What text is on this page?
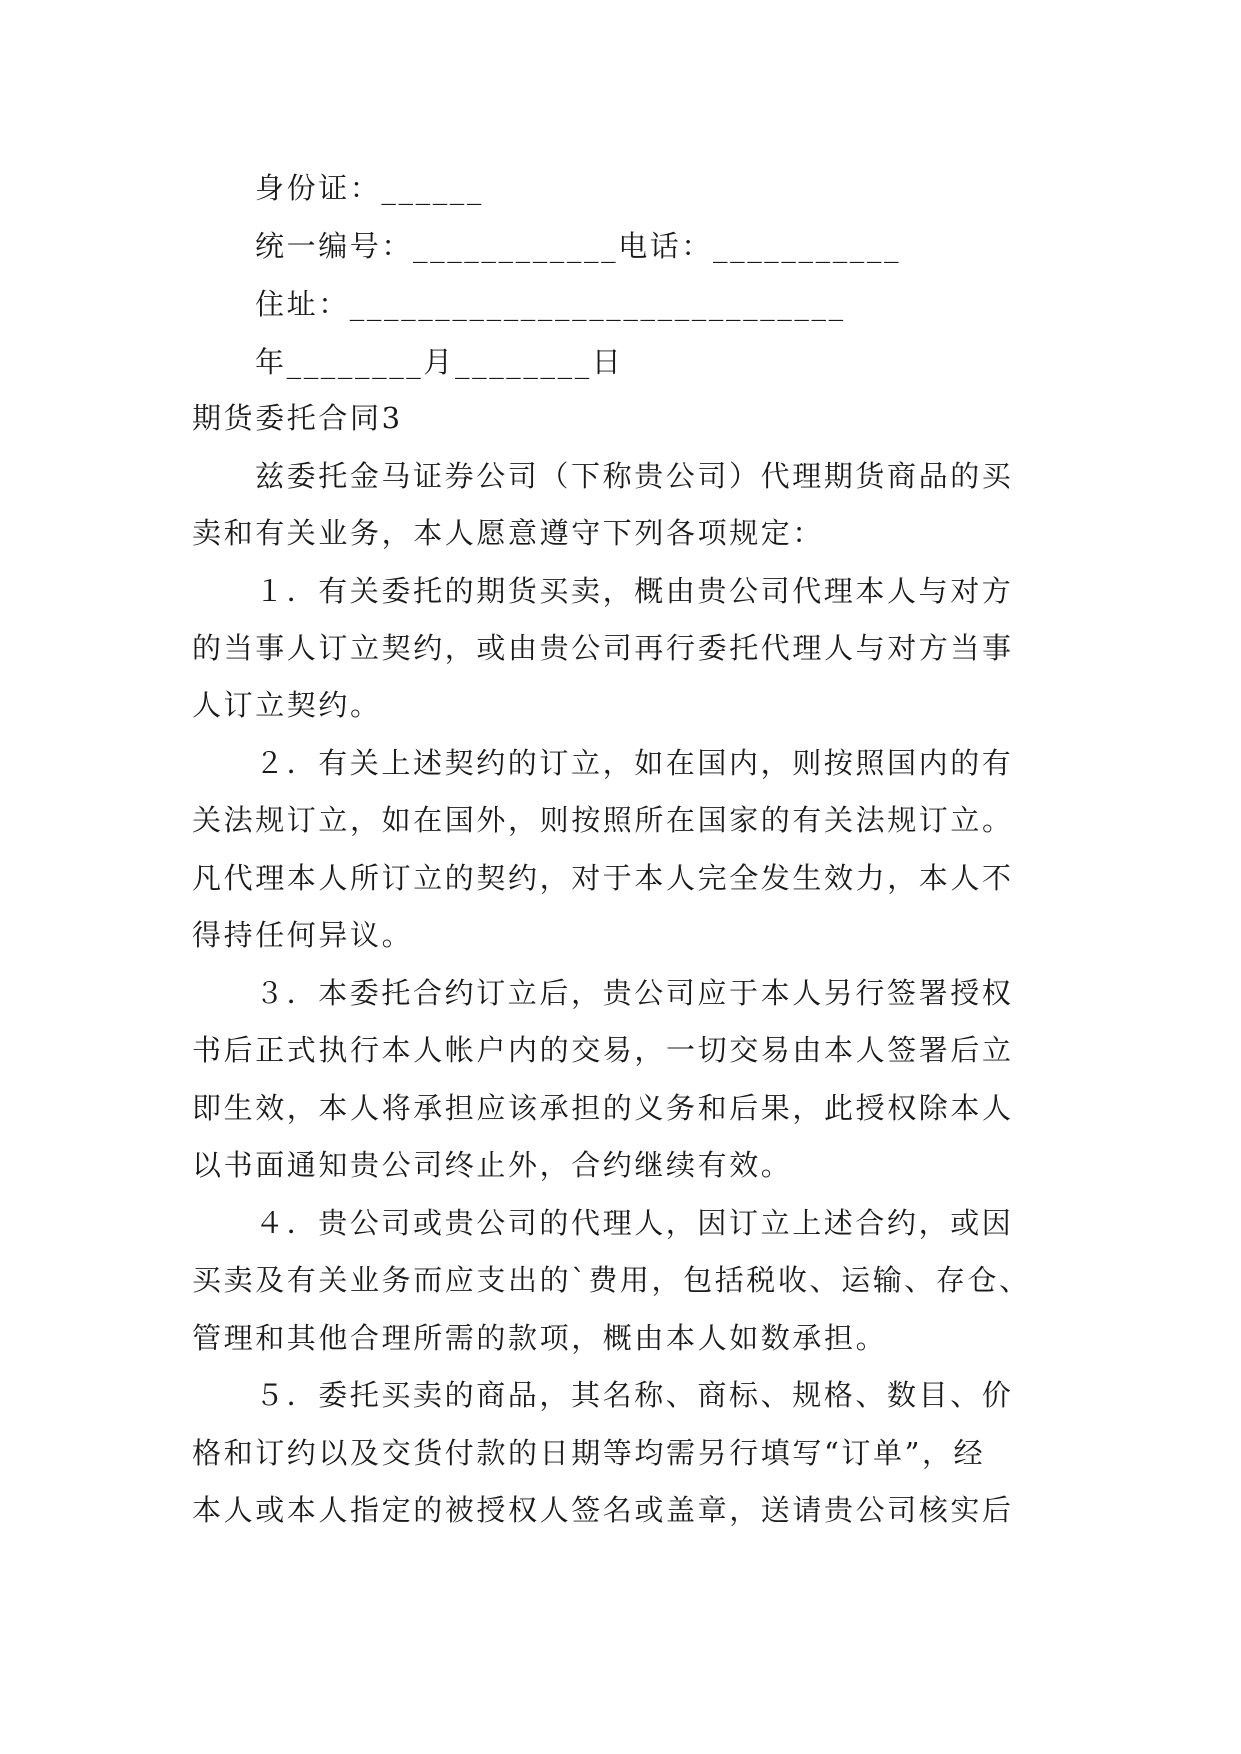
身份证：______
统一编号：____________电话：___________
住址：_____________________________
年________月________日
期货委托合同3
兹委托金马证券公司（下称贵公司）代理期货商品的买
卖和有关业务，本人愿意遵守下列各项规定：
１．有关委托的期货买卖，概由贵公司代理本人与对方
的当事人订立契约，或由贵公司再行委托代理人与对方当事
人订立契约。
２．有关上述契约的订立，如在国内，则按照国内的有
关法规订立，如在国外，则按照所在国家的有关法规订立。
凡代理本人所订立的契约，对于本人完全发生效力，本人不
得持任何异议。
３．本委托合约订立后，贵公司应于本人另行签署授权
书后正式执行本人帐户内的交易，一切交易由本人签署后立
即生效，本人将承担应该承担的义务和后果，此授权除本人
以书面通知贵公司终止外，合约继续有效。
４．贵公司或贵公司的代理人，因订立上述合约，或因
买卖及有关业务而应支出的`费用，包括税收、运输、存仓、
管理和其他合理所需的款项，概由本人如数承担。
５．委托买卖的商品，其名称、商标、规格、数目、价
格和订约以及交货付款的日期等均需另行填写“订单”，经
本人或本人指定的被授权人签名或盖章，送请贵公司核实后
